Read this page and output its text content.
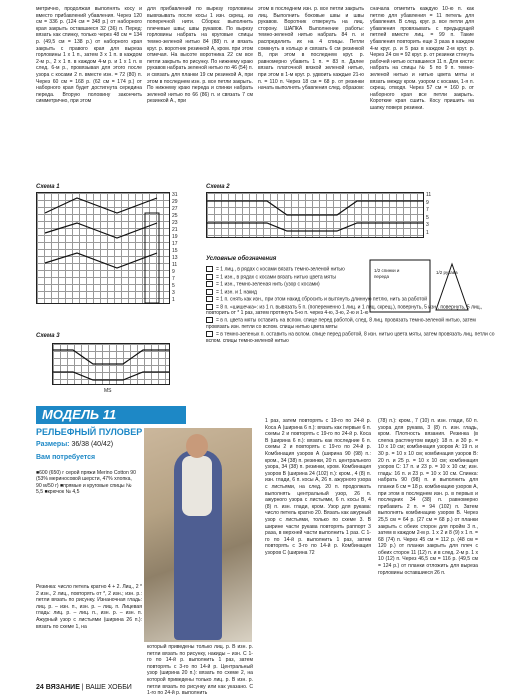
метрично, продолжая выполнять косу и вместо прибавлений убавления. Через 120 см = 336 р. (124 см = 348 р.) от наборного края закрыть оставшиеся 32 (36) п. Перед: вязать как спинку, только через 48 см = 134 р. (49,5 см = 138 р.) от наборного края закрыть с правого края для выреза горловины 1 х 1 п., затем 3 х 1 п. в каждом 2-м р., 2 х 1 п. в каждом 4-м р. и 1 х 1 п. в след. 6-м р., провязывая для этого после узора с косами 2 п. вместе изн. = 72 (80) п. Через 60 см = 168 р. (62 см = 174 р.) от наборного края будет достигнута середина переда. Вторую половину закончить симметрично, при этом
для прибавлений по вырезу горловины вывязывать после косы 1 изн. скрещ. из поперечной нити. Сборка: выполнить плечевые швы; швы рукавов. По вырезу горловины набрать на круговые спицы темно-зеленой нитью 84 (88) п. и вязать круг. р. воротник резинкой А, кром. при этом отмечая. На высоте воротника 22 см все петли закрыть по рисунку. По нижнему краю рукавов набрать зеленой нитью по 46 (54) п. и связать для планки 19 см резинкой А, при этом в последнем изн. р. все петли закрыть. По нижнему краю переда и спинки набрать зеленой нитью по 66 (86) п. и связать 7 см резинкой А., при
этом в последнем изн. р. все петли закрыть лиц. Выполнить боковые швы и швы рукавов. Воротник отвернуть на лиц. сторону. ШАПКА Выполнение работы: темно-зеленой нитью набрать 84 п. и распределить их на 4 спицы. Петли сомкнуть в кольцо и связать 6 см резинкой В, при этом в последнем круг. р. равномерно убавить 1 п. = 83 п. Далее вязать платочной вязкой зеленой нитью, при этом в 1-м круг. р. удвоить каждые 21-ю п. = 110 п. Через 18 см = 68 р. от резинки начать выполнять убавления след. образом:
сначала отметить каждую 10-ю п. как петлю для убавления = 11 петель для убавления. В след. круг. р. все петли для убавления провязывать с предыдущей петлей вместе лиц. = 99 п. Такие убавления повторить еще 3 раза в каждом 4-м круг. р. и 5 раз в каждом 2-м круг. р. Через 24 см = 92 круг. р. от резинки стянуть рабочей нитью оставшиеся 11 п. Для кисти: набрать на спицы № 5 по 9 п. темно-зеленой нитью и нитью цвета мяты и вязать между кром. узором с косами, 1-я п. скрещ. отводя. Через 57 см = 160 р. от наборного края все петли закрыть. Короткие края сшить. Косу пришить на шапку поверх резинки.
Схема 1
31
29
27
25
23
21
19
17
15
13
11
9
7
5
3
1
Схема 2
11
9
7
5
3
1
Условные обозначения
= 1 лиц., в рядах с косами вязать темно-зеленой нитью
= 1 изн., в рядах с косами вязать нитью цвета мяты
= 1 изн., темно-зеленая нить (узор с косами)
= 1 изн. и 1 накид
= 1 п. снять как изн., при этом накид сбросить и вытянуть длинную петлю, нить за работой
= 8 п. «шишечка»: из 1 п. вывязать 5 п. (попеременно 1 лиц. и 1 лиц. скрещ.), повернуть, 5 изн., повернуть, 5 лиц., повторить от * 1 раз, затем протянуть 5-ю п. через 4-ю, 3-ю, 2-ю и 1-ю
= в п. цвета мяты оставить на вспом. спице перед работой, след. 8 лиц. провязать темно-зеленой нитью, затем провязать изн. петли со вспом. спицы нитью цвета мяты
= в темно-зеленых п. оставить на вспом. спице перед работой, 8 изн. нитью цвета мяты, затем провязать лиц. петли со вспом. спицы темно-зеленой нитью
1/2 спинки и переда
1/2 рукава
Схема 3
MS
МОДЕЛЬ 11
РЕЛЬЕФНЫЙ ПУЛОВЕР
Размеры: 36/38 (40/42)
Вам потребуется
■600 (650) г серой пряжи Merino Cotton 90 (53% мериносовой шерсти, 47% хлопка, 90 м/50 г) ■прямые и круговые спицы № 5,5 ■крючок № 4,5
Резинка: число петель кратно 4 + 2. Лиц., 2 * 2 изн., 2 лиц., повторять от *, 2 изн.; изн. р.: петли вязать по рисунку. Изнаночная гладь: лиц. р. – изн. п., изн. р. – лиц. п. Лицевая гладь: лиц. р. – лиц. п., изн. р. – изн. п. Ажурный узор с листьями (ширина 26 п.): вязать по схеме 1, на
который приведены только лиц. р. В изн. р. петли вязать по рисунку, накиды – изн. С 1-го по 14-й р. выполнить 1 раз, затем повторять с 3-го по 14-й р. Центральный узор (ширина 20 п.): вязать по схеме 2, на которой приведены только лиц. р. В изн. р. петли вязать по рисунку или как указано. С 1-го по 24-й р. выполнить
1 раз, затем повторять с 19-го по 24-й р. Коса А (ширина 6 п.): вязать как первые 6 п. схемы 2 и повторять с 19-го по 24-й р. Коса B (ширина 6 п.): вязать как последние 6 п. схемы 2 и повторять с 19-го по 24-й р. Комбинация узоров А (ширина 90 (98) п.: кром., 34 (38) п. резинки, 20 п. центрального узора, 34 (38) п. резинки, кром. Комбинация узоров B (ширина 24 (102) п.): кром., 4 (8) п. изн. глади, 6 п. косы А, 26 п. ажурного узора с листьями, на след. 20 п. продолжать выполнять центральный узор, 26 п. ажурного узора с листьями, 6 п. косы B, 4 (8) п. изн. глади, кром. Узор для рукава: число петель кратно 20. Вязать как ажурный узор с листьями, только по схеме 3. В ширине части рукава повторять раппорт 3 раза, в верхней части выполнить 1 раз. С 1-го по 14-й р. выполнить 1 раз, затем повторять с 3-го по 14-й р. Комбинация узоров C (ширина 72
(78) п.): кром., 7 (10) п. изн. глади, 60 п. узора для рукава, 3 (8) п. изн. гладь, кром. Плотность вязания. Резинка (в слегка растянутом виде): 18 п. и 30 р. = 10 х 10 см; комбинация узоров А: 19 п. и 30 р. = 10 х 10 см; комбинация узоров В: 20 п. и 25 р. = 10 х 10 см; комбинация узоров С: 17 п. и 23 р. = 10 х 10 см; изн. гладь: 16 п. и 23 р. = 10 х 10 см. Спинка: набрать 90 (98) п. и выполнить для планки 6 см = 18 р. комбинацию узоров А, при этом в последнем изн. р. в первых и последних 34 (38) п. равномерно прибавить 2 п. = 94 (102) п. Затем выполнять комбинацию узоров В. Через 25,5 см = 64 р. (27 см = 68 р.) от планки закрыть с обеих сторон для пройм 3 п., затем в каждом 2-м р. 1 х 2 и 8 (9) х 1 п. = 68 (74) п. Через 45 см = 112 р. (48 см = 120 р.) от планки закрыть для плеч с обеих сторон 11 (12) п. и в след. 2-м р. 1 х 10 (12) п. Через 46,5 см = 116 р. (49,5 см = 124 р.) от планки отложить для выреза горловины оставшиеся 26 п.
24 ВЯЗАНИЕ | ВАШЕ ХОББИ
